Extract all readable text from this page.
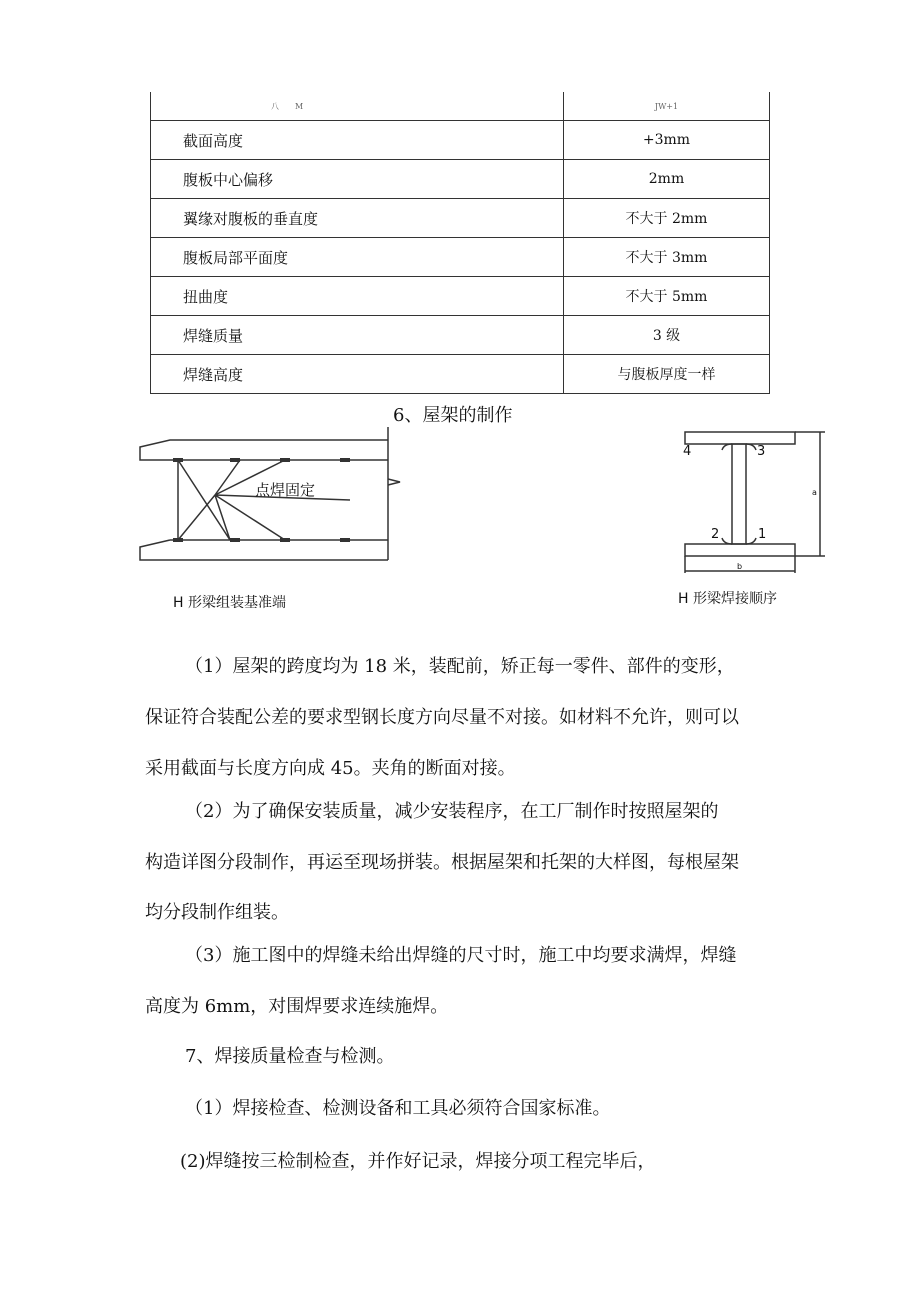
八　　M	JW+1
截面高度	+3mm
腹板中心偏移	2mm
翼缘对腹板的垂直度	不大于 2mm
腹板局部平面度	不大于 3mm
扭曲度	不大于 5mm
焊缝质量	3 级
焊缝高度	与腹板厚度一样
6、屋架的制作
点焊固定
H 形梁组装基准端
4	3
2	1
a
b
H 形梁焊接顺序
（1）屋架的跨度均为 18 米，装配前，矫正每一零件、部件的变形，
保证符合装配公差的要求型钢长度方向尽量不对接。如材料不允许，则可以
采用截面与长度方向成 45。夹角的断面对接。
（2）为了确保安装质量，减少安装程序，在工厂制作时按照屋架的
构造详图分段制作，再运至现场拼装。根据屋架和托架的大样图，每根屋架
均分段制作组装。
（3）施工图中的焊缝未给出焊缝的尺寸时，施工中均要求满焊，焊缝
高度为 6mm，对围焊要求连续施焊。
7、焊接质量检查与检测。
（1）焊接检查、检测设备和工具必须符合国家标准。
(2)焊缝按三检制检查，并作好记录，焊接分项工程完毕后，
